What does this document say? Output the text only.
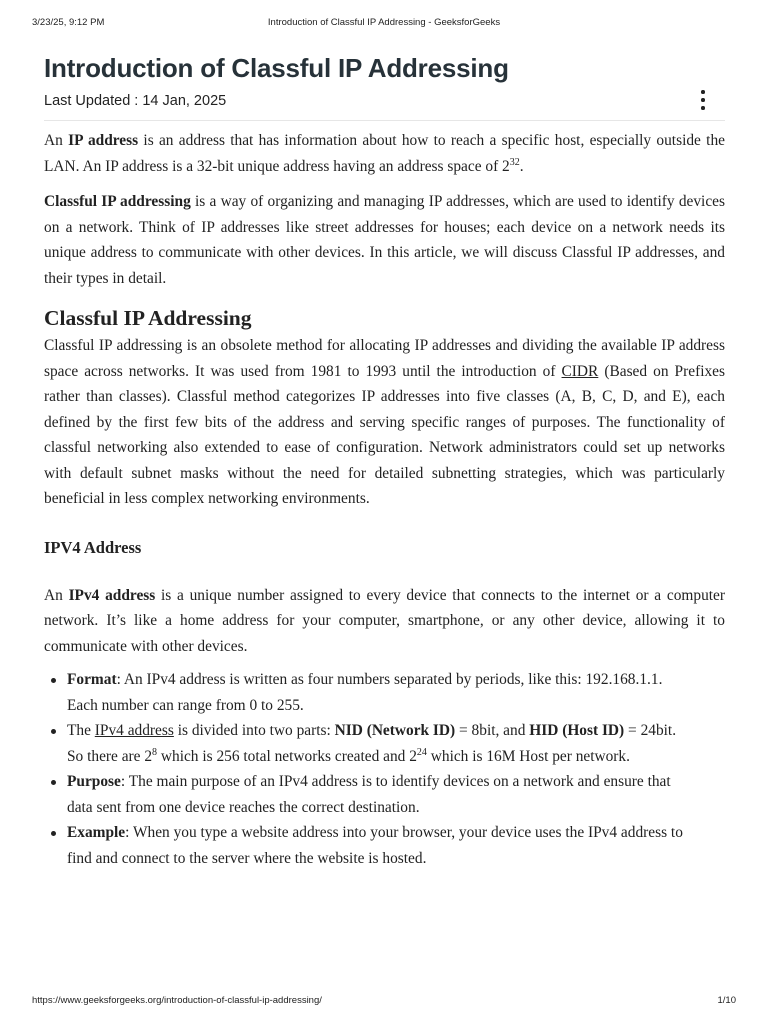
3/23/25, 9:12 PM	Introduction of Classful IP Addressing - GeeksforGeeks
Introduction of Classful IP Addressing
Last Updated : 14 Jan, 2025

An IP address is an address that has information about how to reach a specific host, especially outside the LAN. An IP address is a 32-bit unique address having an address space of $2^{32}$.

Classful IP addressing is a way of organizing and managing IP addresses, which are used to identify devices on a network. Think of IP addresses like street addresses for houses; each device on a network needs its unique address to communicate with other devices. In this article, we will discuss Classful IP addresses, and their types in detail.

Classful IP Addressing

Classful IP addressing is an obsolete method for allocating IP addresses and dividing the available IP address space across networks. It was used from 1981 to 1993 until the introduction of CIDR (Based on Prefixes rather than classes). Classful method categorizes IP addresses into five classes (A, B, C, D, and E), each defined by the first few bits of the address and serving specific ranges of purposes. The functionality of classful networking also extended to ease of configuration. Network administrators could set up networks with default subnet masks without the need for detailed subnetting strategies, which was particularly beneficial in less complex networking environments.

IPV4 Address

An IPv4 address is a unique number assigned to every device that connects to the internet or a computer network. It’s like a home address for your computer, smartphone, or any other device, allowing it to communicate with other devices.

Format: An IPv4 address is written as four numbers separated by periods, like this: 192.168.1.1. Each number can range from 0 to 255.
The IPv4 address is divided into two parts: NID (Network ID) = 8bit, and HID (Host ID) = 24bit. So there are $2^8$ which is 256 total networks created and $2^{24}$ which is 16M Host per network.
Purpose: The main purpose of an IPv4 address is to identify devices on a network and ensure that data sent from one device reaches the correct destination.
Example: When you type a website address into your browser, your device uses the IPv4 address to find and connect to the server where the website is hosted.
https://www.geeksforgeeks.org/introduction-of-classful-ip-addressing/	1/10
